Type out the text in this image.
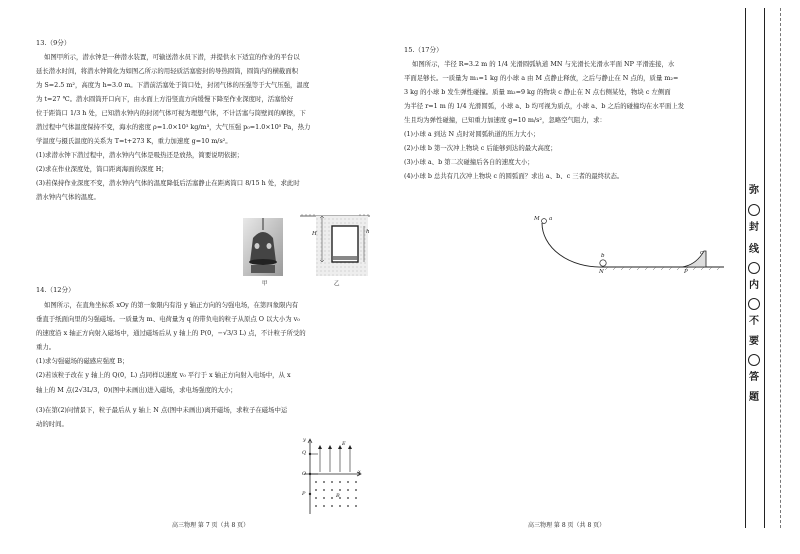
13.（9分）
如图甲所示，潜水钟是一种潜水装置，可输送潜水员下潜，并提供水下适宜的作业的平台以
延长潜水时间，将潜水钟简化为如图乙所示的用轻质活塞密封的导热圆筒，圆筒内的横截面积
为 S=2.5 m²，高度为 h=3.0 m。下潜前活塞处于筒口处，封闭气体的压强等于大气压强，温度
为 t=27 ℃。潜水圆筒开口向下，由水面上方沿竖直方向缓慢下降至作业深度时，活塞恰好
位于距筒口 1/3 h 处，已知潜水钟内的封闭气体可视为理想气体，不计活塞与筒壁间的摩擦，下
潜过程中气体温度保持不变，海水的密度 ρ=1.0×10³ kg/m³，大气压强 p₀=1.0×10⁵ Pa，热力
学温度与摄氏温度的关系为 T=t+273 K，重力加速度 g=10 m/s²。
(1)求潜水钟下潜过程中，潜水钟内气体是吸热还是放热，简要说明依据；
(2)求在作业深度处，筒口距离海面的深度 H；
(3)若保持作业深度不变，潜水钟内气体的温度降低后活塞静止在距离筒口 8/15 h 处，求此时
潜水钟内气体的温度。
甲
H	h
乙
14.（12分）
如图所示，在直角坐标系 xOy 的第一象限内有沿 y 轴正方向的匀强电场，在第四象限内有
垂直于纸面向里的匀强磁场。一质量为 m、电荷量为 q 的带负电的粒子从原点 O 以大小为 v₀
的速度沿 x 轴正方向射入磁场中，通过磁场后从 y 轴上的 P(0，−√3/3 L) 点，不计粒子所受的
重力。
(1)求匀强磁场的磁感应强度 B；
(2)若该粒子改在 y 轴上的 Q(0，L) 点同样以速度 v₀ 平行于 x 轴正方向射入电场中，从 x
轴上的 M 点(2√3L/3，0)(图中未画出)进入磁场，求电场强度的大小；
(3)在第(2)问情景下，粒子最后从 y 轴上 N 点(图中未画出)离开磁场，求粒子在磁场中运
动的时间。
y
Q
O
P
x
E
B
高三物理 第 7 页（共 8 页）
15.（17分）
如图所示，半径 R=3.2 m 的 1/4 光滑圆弧轨道 MN 与光滑长光滑水平面 NP 平滑连接，水
平面足够长。一质量为 m₁=1 kg 的小球 a 由 M 点静止释放，之后与静止在 N 点的，质量 m₂=
3 kg 的小球 b 发生弹性碰撞。质量 m₃=9 kg 的物块 c 静止在 N 点右侧某处，物块 c 左侧面
为半径 r=1 m 的 1/4 光滑圆弧，小球 a、b 均可视为质点，小球 a、b 之后的碰撞均在水平面上发
生且均为弹性碰撞，已知重力加速度 g=10 m/s²，忽略空气阻力，求：
(1)小球 a 到达 N 点时对圆弧轨道的压力大小；
(2)小球 b 第一次冲上物块 c 后能够到达的最大高度；
(3)小球 a、b 第二次碰撞后各自的速度大小；
(4)小球 b 总共有几次冲上物块 c 的圆弧面？求出 a、b、c 三者的最终状态。
M a
b
N
c
P
高三物理 第 8 页（共 8 页）
弥
封
线
内
不
要
答
题
